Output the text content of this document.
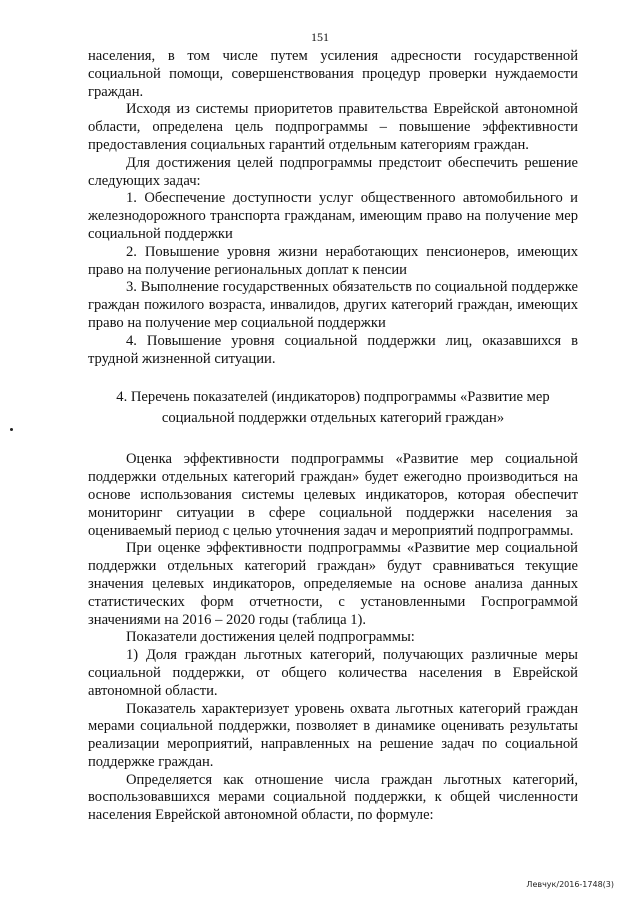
151

населения, в том числе путем усиления адресности государственной социальной помощи, совершенствования процедур проверки нуждаемости граждан.

Исходя из системы приоритетов правительства Еврейской автономной области, определена цель подпрограммы – повышение эффективности предоставления социальных гарантий отдельным категориям граждан.

Для достижения целей подпрограммы предстоит обеспечить решение следующих задач:

1. Обеспечение доступности услуг общественного автомобильного и железнодорожного транспорта гражданам, имеющим право на получение мер социальной поддержки

2. Повышение уровня жизни неработающих пенсионеров, имеющих право на получение региональных доплат к пенсии

3. Выполнение государственных обязательств по социальной поддержке граждан пожилого возраста, инвалидов, других категорий граждан, имеющих право на получение мер социальной поддержки

4. Повышение уровня социальной поддержки лиц, оказавшихся в трудной жизненной ситуации.

4. Перечень показателей (индикаторов) подпрограммы «Развитие мер

социальной поддержки отдельных категорий граждан»

Оценка эффективности подпрограммы «Развитие мер социальной поддержки отдельных категорий граждан» будет ежегодно производиться на основе использования системы целевых индикаторов, которая обеспечит мониторинг ситуации в сфере социальной поддержки населения за оцениваемый период с целью уточнения задач и мероприятий подпрограммы.

При оценке эффективности подпрограммы «Развитие мер социальной поддержки отдельных категорий граждан» будут сравниваться текущие значения целевых индикаторов, определяемые на основе анализа данных статистических форм отчетности, с установленными Госпрограммой значениями на 2016 – 2020 годы (таблица 1).

Показатели достижения целей подпрограммы:

1) Доля граждан льготных категорий, получающих различные меры социальной поддержки, от общего количества населения в Еврейской автономной области.

Показатель характеризует уровень охвата льготных категорий граждан мерами социальной поддержки, позволяет в динамике оценивать результаты реализации мероприятий, направленных на решение задач по социальной поддержке граждан.

Определяется как отношение числа граждан льготных категорий, воспользовавшихся мерами социальной поддержки, к общей численности населения Еврейской автономной области, по формуле:

Левчук/2016-1748(3)
